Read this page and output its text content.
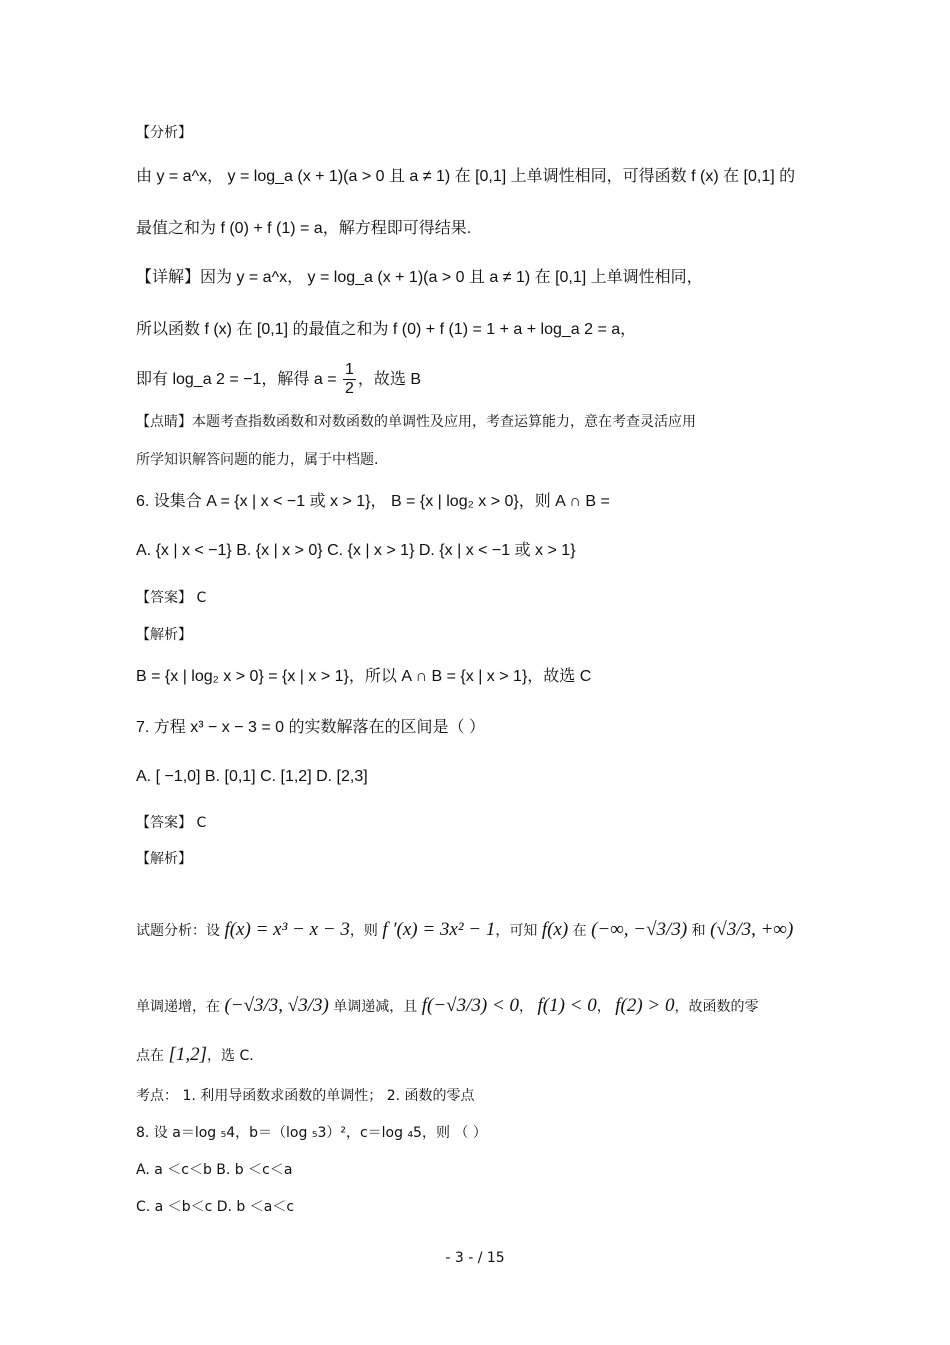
【分析】
由 y = a^x， y = log_a (x + 1)(a > 0 且 a ≠ 1) 在 [0,1] 上单调性相同，可得函数 f (x) 在 [0,1] 的
最值之和为 f (0) + f (1) = a，解方程即可得结果.
【详解】因为 y = a^x， y = log_a (x + 1)(a > 0 且 a ≠ 1) 在 [0,1] 上单调性相同，
所以函数 f (x) 在 [0,1] 的最值之和为 f (0) + f (1) = 1 + a + log_a 2 = a，
即有 log_a 2 = −1，解得 $a = \frac{1}{2}$ ，故选 B
【点睛】本题考查指数函数和对数函数的单调性及应用，考查运算能力，意在考查灵活应用
所学知识解答问题的能力，属于中档题.
6. 设集合 A = {x | x < −1 或 x > 1}， B = {x | log₂ x > 0}，则 A ∩ B =
A. {x | x < −1} B. {x | x > 0} C. {x | x > 1} D. {x | x < −1 或 x > 1}
【答案】 C
【解析】
B = {x | log₂ x > 0} = {x | x > 1}，所以 A ∩ B = {x | x > 1}，故选 C
7. 方程 x³ − x − 3 = 0 的实数解落在的区间是（ ）
A. [ −1,0] B. [0,1] C. [1,2] D. [2,3]
【答案】 C
【解析】
试题分析：设 f(x) = x³ − x − 3，则 f ′(x) = 3x² − 1，可知 f(x) 在 (−∞, −√3/3) 和 (√3/3, +∞)
单调递增，在 (−√3/3, √3/3) 单调递减，且 f(−√3/3) < 0， f(1) < 0， f(2) > 0，故函数的零
点在 [1,2]，选 C.
考点： 1. 利用导函数求函数的单调性； 2. 函数的零点
8. 设 a＝log ₅4，b＝（log ₅3）²，c＝log ₄5，则 （ ）
A. a ＜c＜b B. b ＜c＜a
C. a ＜b＜c D. b ＜a＜c
- 3 - / 15
